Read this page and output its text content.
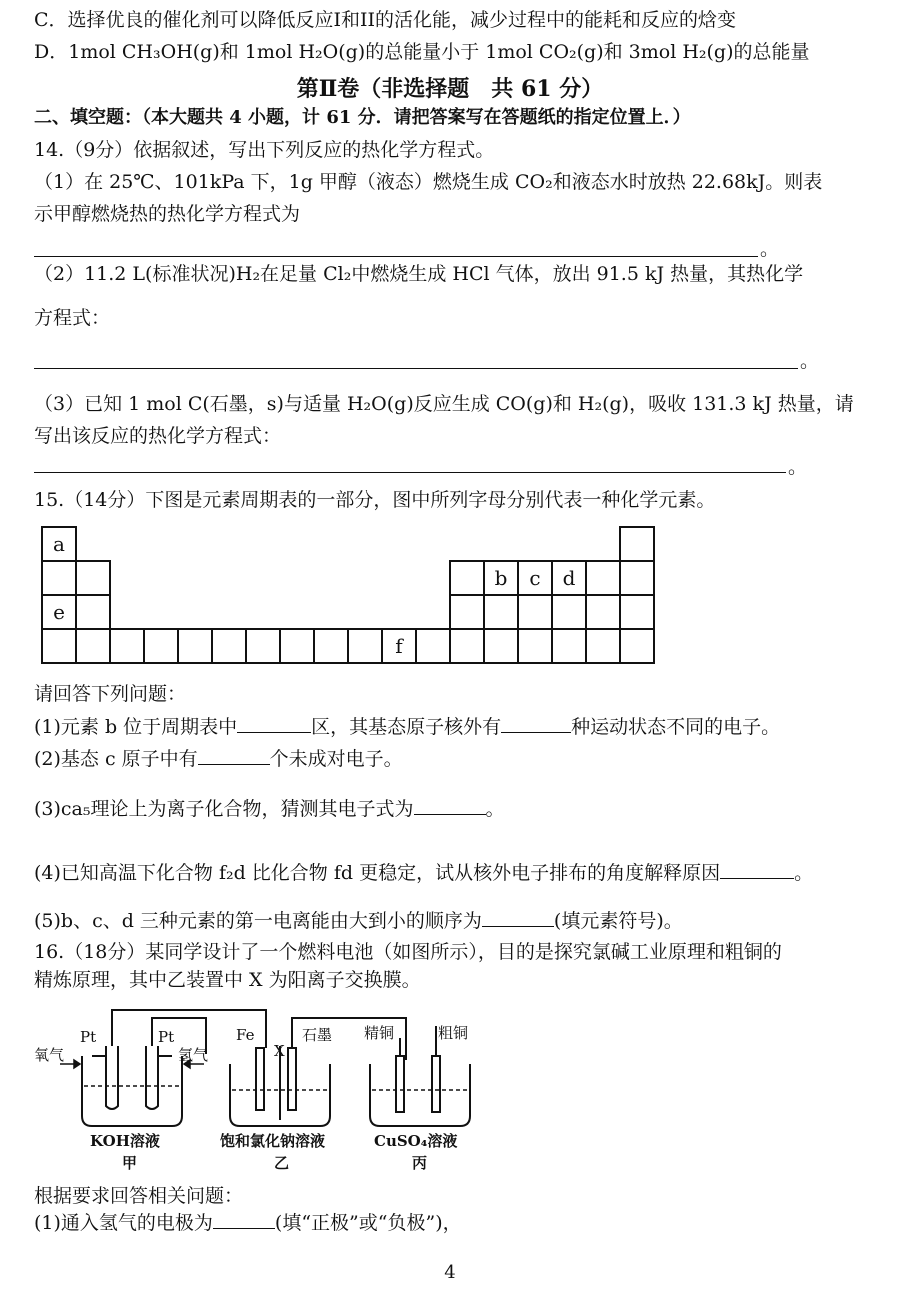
C．选择优良的催化剂可以降低反应I和II的活化能，减少过程中的能耗和反应的焓变
D．1mol CH₃OH(g)和 1mol H₂O(g)的总能量小于 1mol CO₂(g)和 3mol H₂(g)的总能量
第Ⅱ卷（非选择题　共 61 分）
二、填空题：（本大题共 4 小题，计 61 分．请把答案写在答题纸的指定位置上．）
14.（9分）依据叙述，写出下列反应的热化学方程式。
（1）在 25℃、101kPa 下，1g 甲醇（液态）燃烧生成 CO₂和液态水时放热 22.68kJ。则表
示甲醇燃烧热的热化学方程式为
。
（2）11.2 L(标准状况)H₂在足量 Cl₂中燃烧生成 HCl 气体，放出 91.5 kJ 热量，其热化学
方程式：
。
（3）已知 1 mol C(石墨，s)与适量 H₂O(g)反应生成 CO(g)和 H₂(g)，吸收 131.3 kJ 热量，请
写出该反应的热化学方程式：
。
15.（14分）下图是元素周期表的一部分，图中所列字母分别代表一种化学元素。
a																	
													b	c	d		
e																	
										f							
请回答下列问题：
(1)元素 b 位于周期表中	区，其基态原子核外有	种运动状态不同的电子。
(2)基态 c 原子中有	个未成对电子。
(3)ca₅理论上为离子化合物，猜测其电子式为	。
(4)已知高温下化合物 f₂d 比化合物 fd 更稳定，试从核外电子排布的角度解释原因	。
(5)b、c、d 三种元素的第一电离能由大到小的顺序为	(填元素符号)。
16.（18分）某同学设计了一个燃料电池（如图所示），目的是探究氯碱工业原理和粗铜的
精炼原理，其中乙装置中 X 为阳离子交换膜。
Pt	Pt
氧气	氢气
KOH溶液
甲
Fe
X
石墨
饱和氯化钠溶液
乙
精铜	粗铜
CuSO₄溶液
丙
根据要求回答相关问题：
(1)通入氢气的电极为	(填“正极”或“负极”)，
4
